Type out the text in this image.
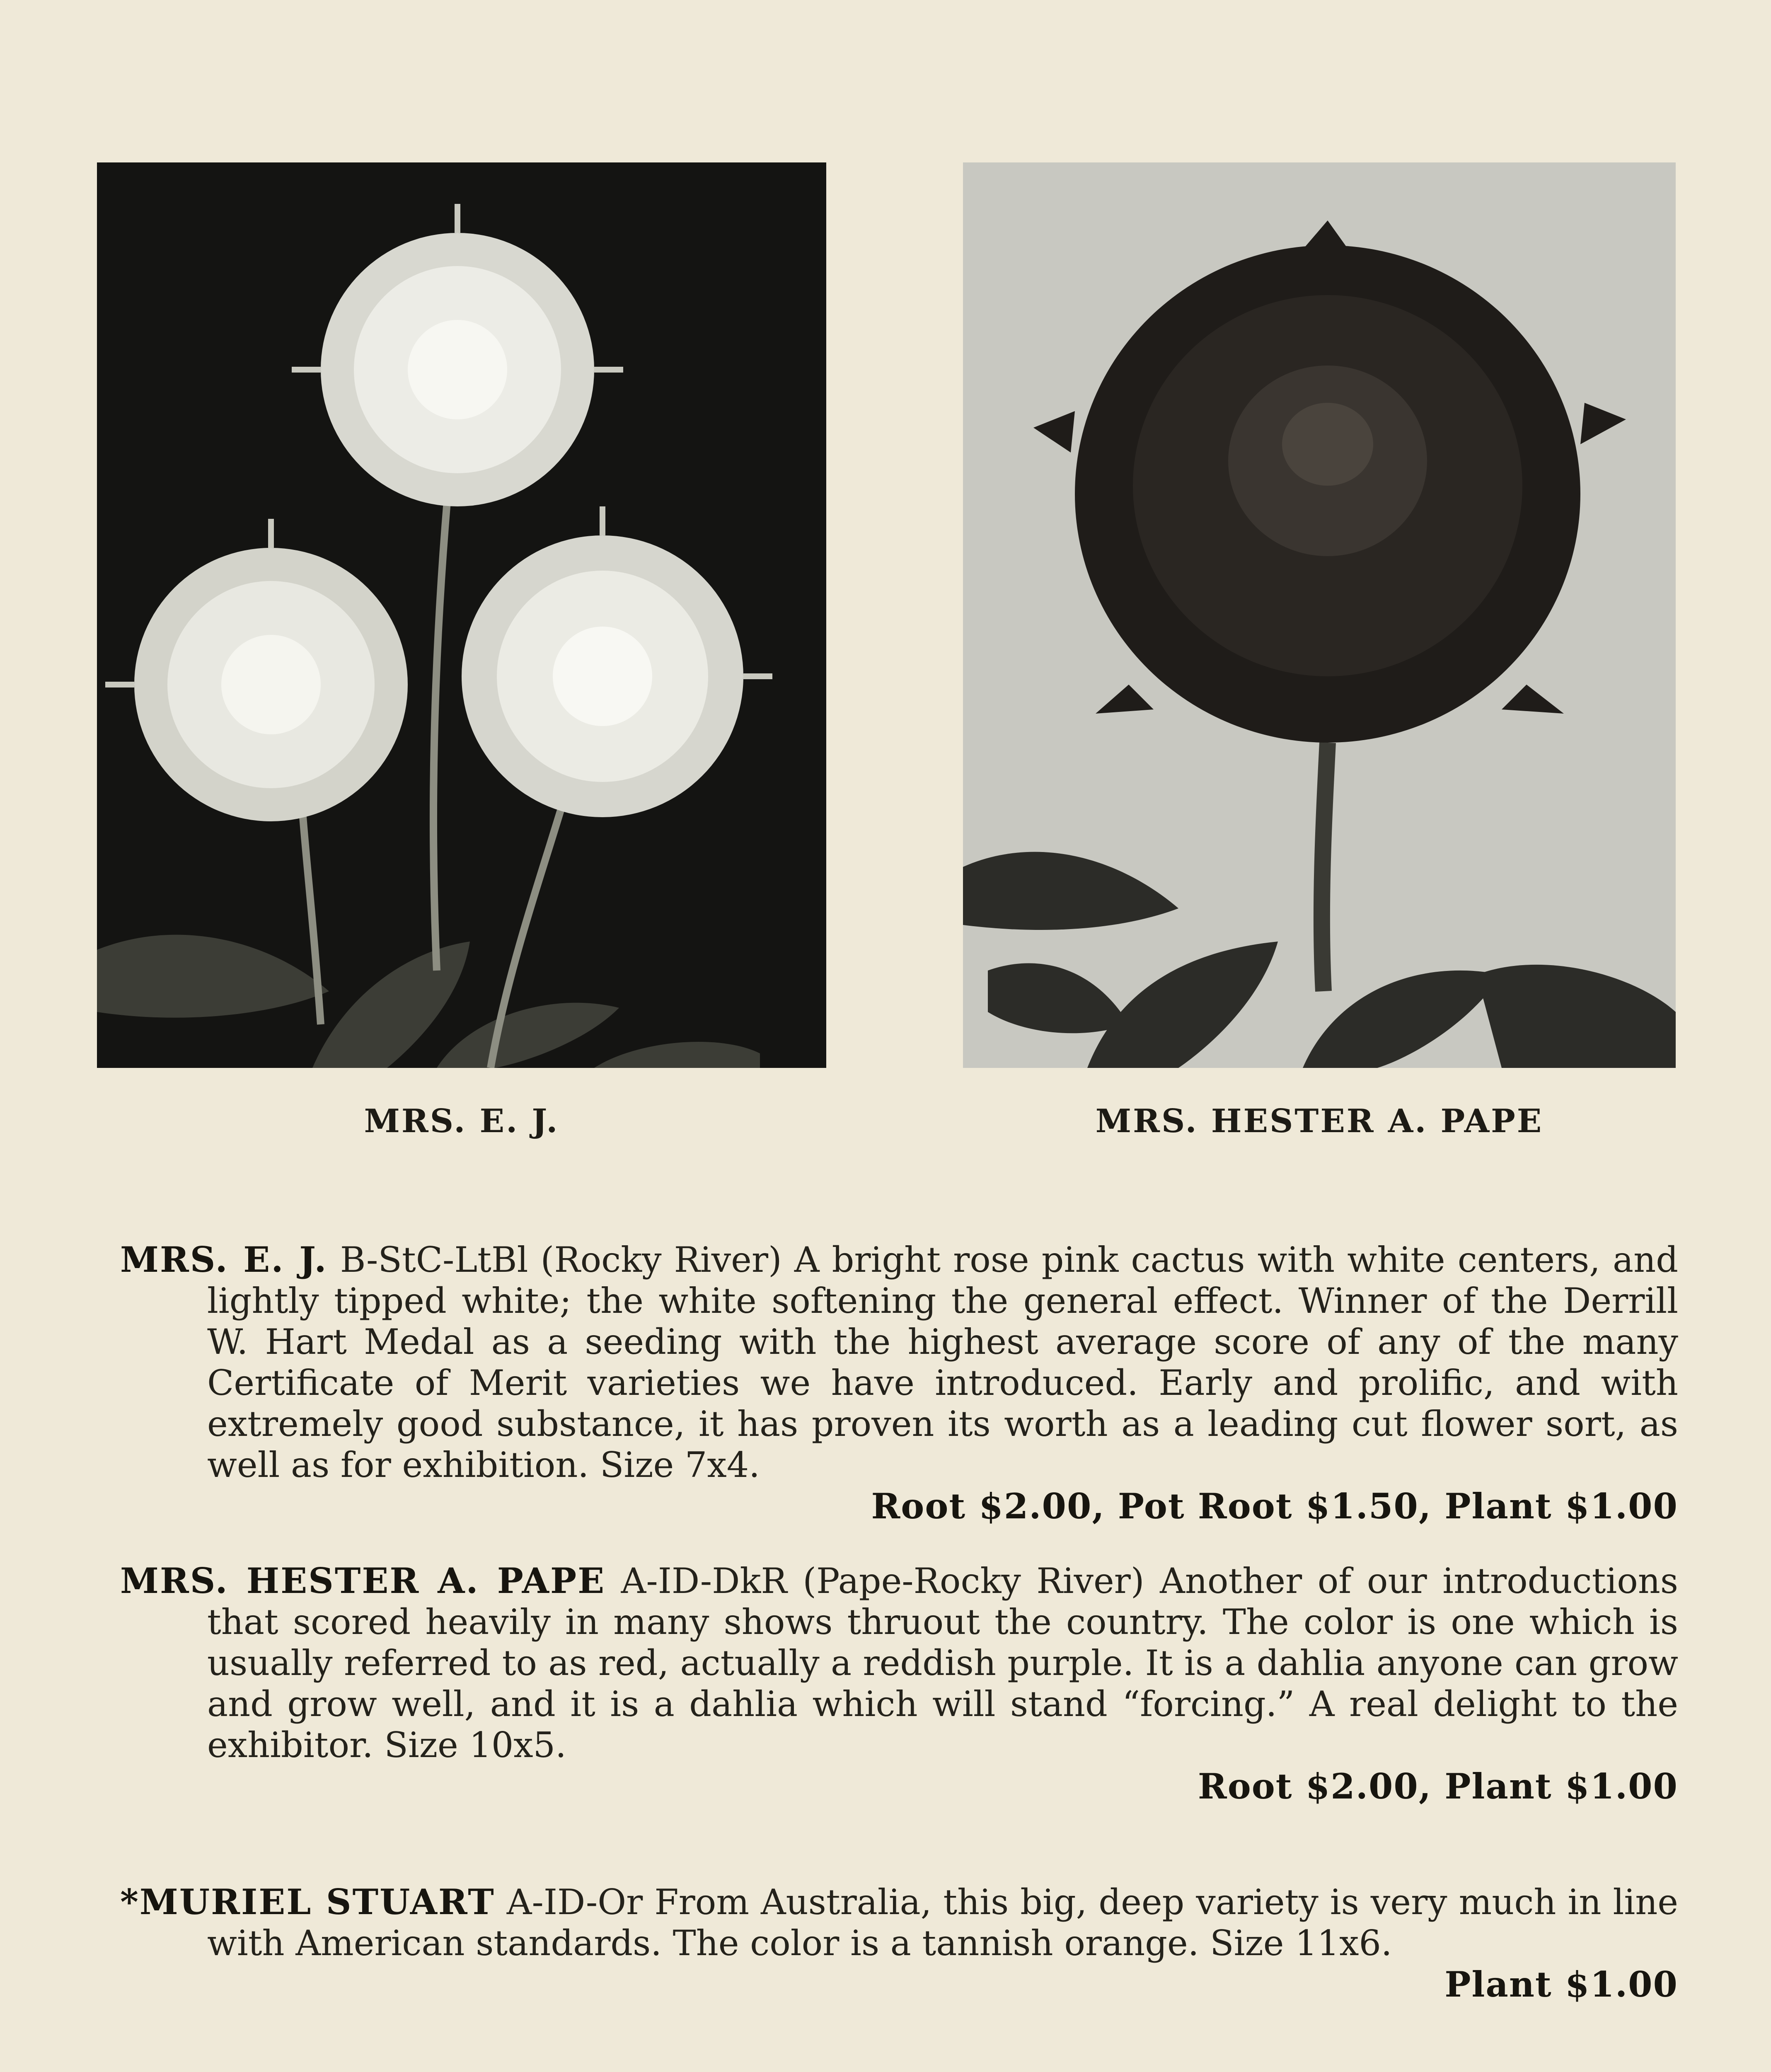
MRS. E. J.	MRS. HESTER A. PAPE
MRS. E. J. B-StC-LtBl (Rocky River) A bright rose pink cactus with white centers, and lightly tipped white; the white softening the general effect. Winner of the Derrill W. Hart Medal as a seeding with the highest average score of any of the many Certificate of Merit varieties we have introduced. Early and prolific, and with extremely good substance, it has proven its worth as a leading cut flower sort, as well as for exhibition. Size 7x4.
Root $2.00, Pot Root $1.50, Plant $1.00
MRS. HESTER A. PAPE A-ID-DkR (Pape-Rocky River) Another of our introductions that scored heavily in many shows thruout the country. The color is one which is usually referred to as red, actually a reddish purple. It is a dahlia anyone can grow and grow well, and it is a dahlia which will stand “forcing.” A real delight to the exhibitor. Size 10x5.
Root $2.00, Plant $1.00
*MURIEL STUART A-ID-Or From Australia, this big, deep variety is very much in line with American standards. The color is a tannish orange. Size 11x6.
Plant $1.00
